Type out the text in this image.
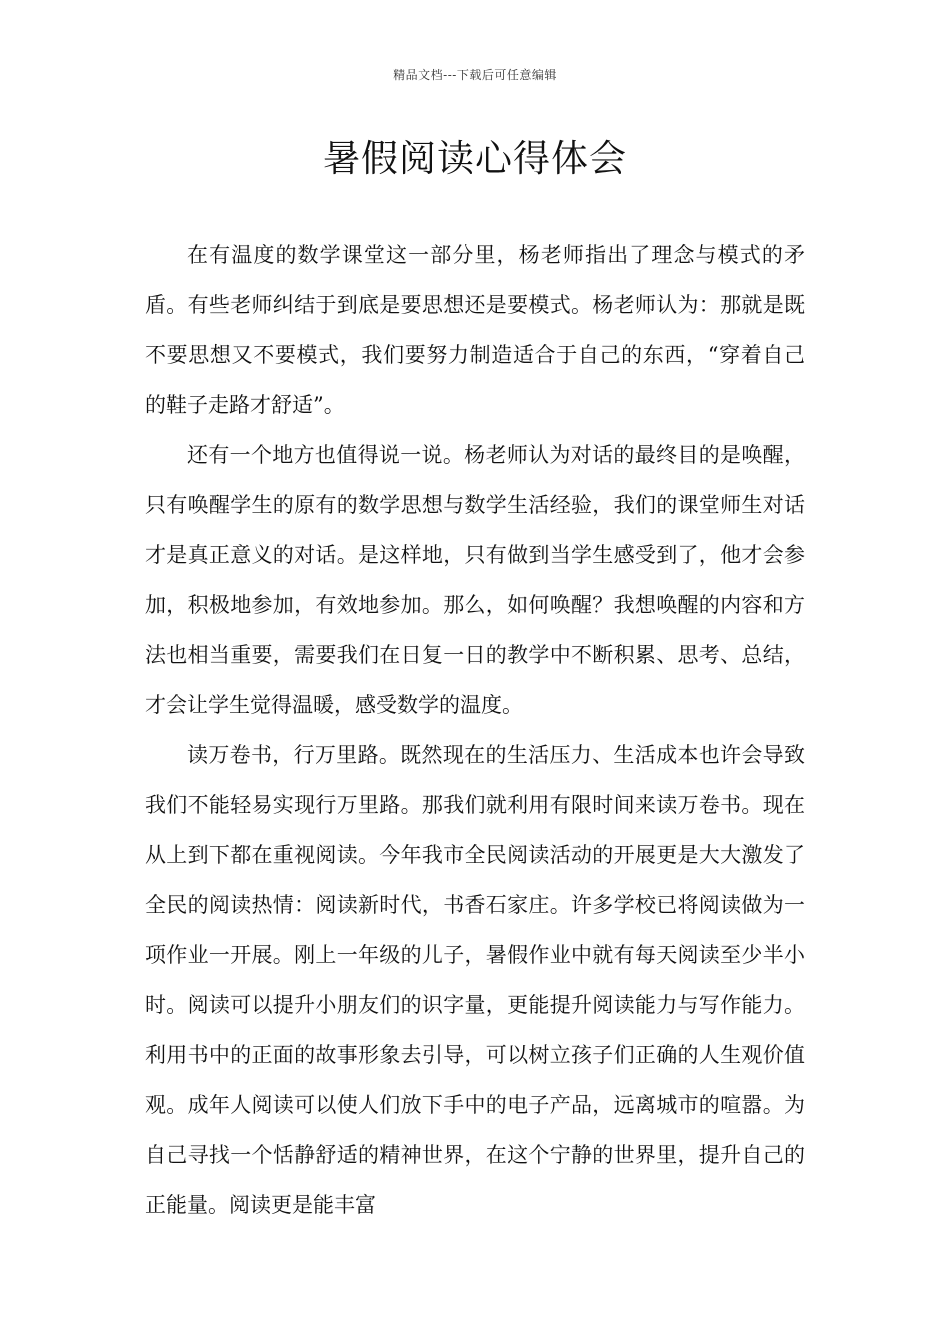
精品文档---下载后可任意编辑
暑假阅读心得体会

在有温度的数学课堂这一部分里，杨老师指出了理念与模式的矛盾。有些老师纠结于到底是要思想还是要模式。杨老师认为：那就是既不要思想又不要模式，我们要努力制造适合于自己的东西，“穿着自己的鞋子走路才舒适”。

还有一个地方也值得说一说。杨老师认为对话的最终目的是唤醒，只有唤醒学生的原有的数学思想与数学生活经验，我们的课堂师生对话才是真正意义的对话。是这样地，只有做到当学生感受到了，他才会参加，积极地参加，有效地参加。那么，如何唤醒？我想唤醒的内容和方法也相当重要，需要我们在日复一日的教学中不断积累、思考、总结，才会让学生觉得温暖，感受数学的温度。

读万卷书，行万里路。既然现在的生活压力、生活成本也许会导致我们不能轻易实现行万里路。那我们就利用有限时间来读万卷书。现在从上到下都在重视阅读。今年我市全民阅读活动的开展更是大大激发了全民的阅读热情：阅读新时代，书香石家庄。许多学校已将阅读做为一项作业一开展。刚上一年级的儿子，暑假作业中就有每天阅读至少半小时。阅读可以提升小朋友们的识字量，更能提升阅读能力与写作能力。利用书中的正面的故事形象去引导，可以树立孩子们正确的人生观价值观。成年人阅读可以使人们放下手中的电子产品，远离城市的喧嚣。为自己寻找一个恬静舒适的精神世界，在这个宁静的世界里，提升自己的正能量。阅读更是能丰富
